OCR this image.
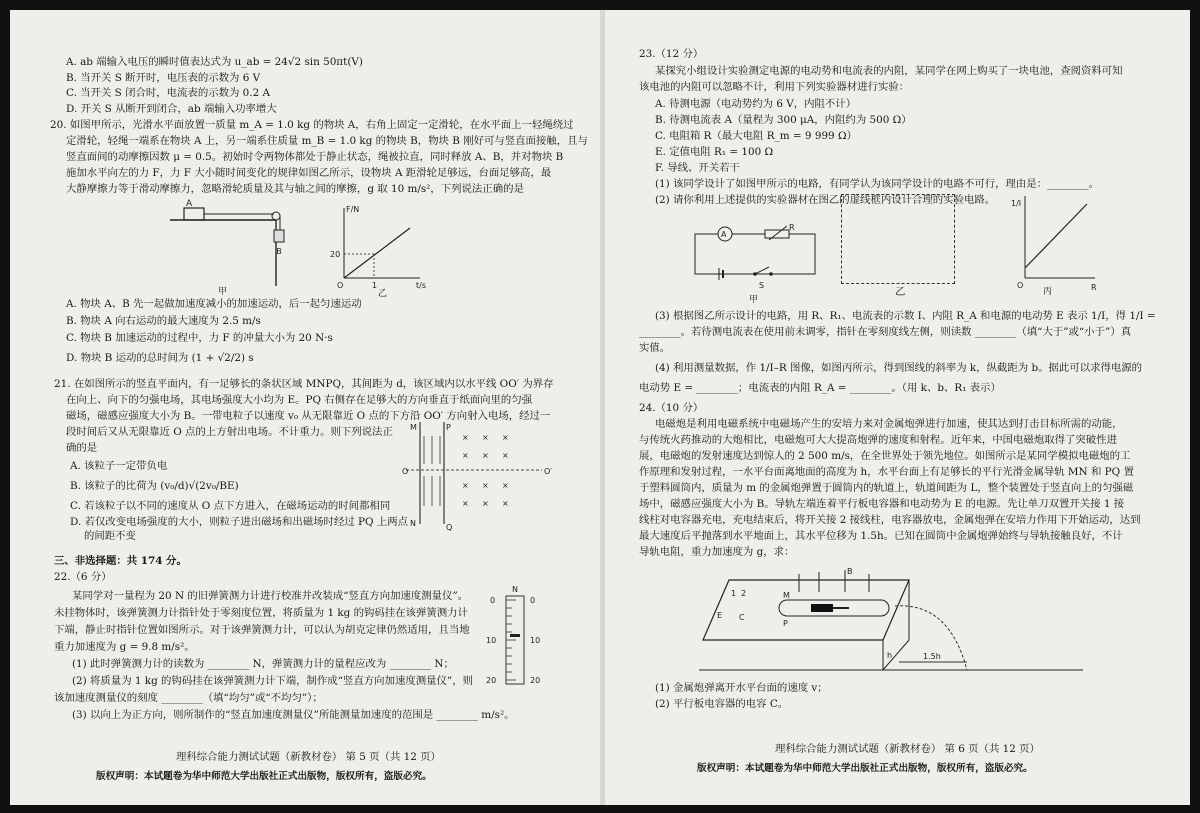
A. ab 端输入电压的瞬时值表达式为 u_ab = 24√2 sin 50πt(V)

B. 当开关 S 断开时，电压表的示数为 6 V

C. 当开关 S 闭合时，电流表的示数为 0.2 A

D. 开关 S 从断开到闭合，ab 端输入功率增大

20. 如图甲所示，光滑水平面放置一质量 m_A = 1.0 kg 的物块 A，右角上固定一定滑轮，在水平面上一轻绳绕过

定滑轮，轻绳一端系在物块 A 上，另一端系住质量 m_B = 1.0 kg 的物块 B，物块 B 刚好可与竖直面接触，且与

竖直面间的动摩擦因数 μ = 0.5。初始时令两物体都处于静止状态，绳被拉直，同时释放 A、B，并对物块 B

施加水平向左的力 F，力 F 大小随时间变化的规律如图乙所示，设物块 A 距滑轮足够远，台面足够高，最

大静摩擦力等于滑动摩擦力，忽略滑轮质量及其与轴之间的摩擦，g 取 10 m/s²，下列说法正确的是

A
B
甲
F/N
t/s
O
20
1
乙

A. 物块 A、B 先一起做加速度减小的加速运动，后一起匀速运动

B. 物块 A 向右运动的最大速度为 2.5 m/s

C. 物块 B 加速运动的过程中，力 F 的冲量大小为 20 N·s

D. 物块 B 运动的总时间为 (1 + √2/2) s

21. 在如图所示的竖直平面内，有一足够长的条状区域 MNPQ，其间距为 d，该区域内以水平线 OO′ 为界存

在向上、向下的匀强电场，其电场强度大小均为 E。PQ 右侧存在足够大的方向垂直于纸面向里的匀强

磁场，磁感应强度大小为 B。一带电粒子以速度 v₀ 从无限靠近 O 点的下方沿 OO′ 方向射入电场，经过一

段时间后又从无限靠近 O 点的上方射出电场。不计重力。则下列说法正

确的是

A. 该粒子一定带负电

B. 该粒子的比荷为 (v₀/d)√(2v₀/BE)

C. 若该粒子以不同的速度从 O 点下方进入，在磁场运动的时间都相同

D. 若仅改变电场强度的大小，则粒子进出磁场和出磁场时经过 PQ 上两点

的间距不变

M
N
P
Q
O	O′
× × ×
× × ×
× × ×
× × ×

三、非选择题：共 174 分。

22.（6 分）

某同学对一量程为 20 N 的旧弹簧测力计进行校准并改装成“竖直方向加速度测量仪”。

未挂物体时，该弹簧测力计指针处于零刻度位置，将质量为 1 kg 的钩码挂在该弹簧测力计

下端，静止时指针位置如图所示。对于该弹簧测力计，可以认为胡克定律仍然适用，且当地

重力加速度为 g = 9.8 m/s²。

(1) 此时弹簧测力计的读数为 ________ N，弹簧测力计的量程应改为 ________ N；

(2) 将质量为 1 kg 的钩码挂在该弹簧测力计下端，制作成“竖直方向加速度测量仪”，则

该加速度测量仪的刻度 ________（填“均匀”或“不均匀”）；

(3) 以向上为正方向，则所制作的“竖直加速度测量仪”所能测量加速度的范围是 ________ m/s²。

N
0	0
10	10
20	20

理科综合能力测试试题（新教材卷） 第 5 页（共 12 页）

版权声明：本试题卷为华中师范大学出版社正式出版物，版权所有，盗版必究。

23.（12 分）

某探究小组设计实验测定电源的电动势和电流表的内阻，某同学在网上购买了一块电池，查阅资料可知

该电池的内阻可以忽略不计，利用下列实验器材进行实验：

A. 待测电源（电动势约为 6 V，内阻不计）

B. 待测电流表 A（量程为 300 μA，内阻约为 500 Ω）

C. 电阻箱 R（最大电阻 R_m = 9 999 Ω）

E. 定值电阻 R₁ = 100 Ω

F. 导线、开关若干

(1) 该同学设计了如图甲所示的电路，有同学认为该同学设计的电路不可行，理由是：________。

(2) 请你利用上述提供的实验器材在图乙的虚线框内设计合理的实验电路。

A
R
S
甲

乙

1/I
R
O
丙

(3) 根据图乙所示设计的电路，用 R、R₁、电流表的示数 I、内阻 R_A 和电源的电动势 E 表示 1/I，得 1/I =

________。若待测电流表在使用前未调零，指针在零刻度线左侧，则读数 ________（填“大于”或“小于”）真

实值。

(4) 利用测量数据，作 1/I–R 图像，如图丙所示，得到图线的斜率为 k，纵截距为 b。据此可以求得电源的

电动势 E = ________；电流表的内阻 R_A = ________。（用 k、b、R₁ 表示）

24.（10 分）

电磁炮是利用电磁系统中电磁场产生的安培力来对金属炮弹进行加速，使其达到打击目标所需的动能，

与传统火药推动的大炮相比，电磁炮可大大提高炮弹的速度和射程。近年来，中国电磁炮取得了突破性进

展，电磁炮的发射速度达到惊人的 2 500 m/s，在全世界处于领先地位。如图所示是某同学模拟电磁炮的工

作原理和发射过程，一水平台面离地面的高度为 h，水平台面上有足够长的平行光滑金属导轨 MN 和 PQ 置

于塑料圆筒内，质量为 m 的金属炮弹置于圆筒内的轨道上，轨道间距为 L，整个装置处于竖直向上的匀强磁

场中，磁感应强度大小为 B。导轨左端连着平行板电容器和电动势为 E 的电源。先让单刀双置开关接 1 接

线柱对电容器充电，充电结束后，将开关接 2 接线柱，电容器放电，金属炮弹在安培力作用下开始运动，达到

最大速度后平抛落到水平地面上，其水平位移为 1.5h。已知在圆筒中金属炮弹始终与导轨接触良好，不计

导轨电阻，重力加速度为 g，求：

B
E C
1 2	M
P
1.5h
h

(1) 金属炮弹离开水平台面的速度 v；

(2) 平行板电容器的电容 C。

理科综合能力测试试题（新教材卷） 第 6 页（共 12 页）

版权声明：本试题卷为华中师范大学出版社正式出版物，版权所有，盗版必究。
